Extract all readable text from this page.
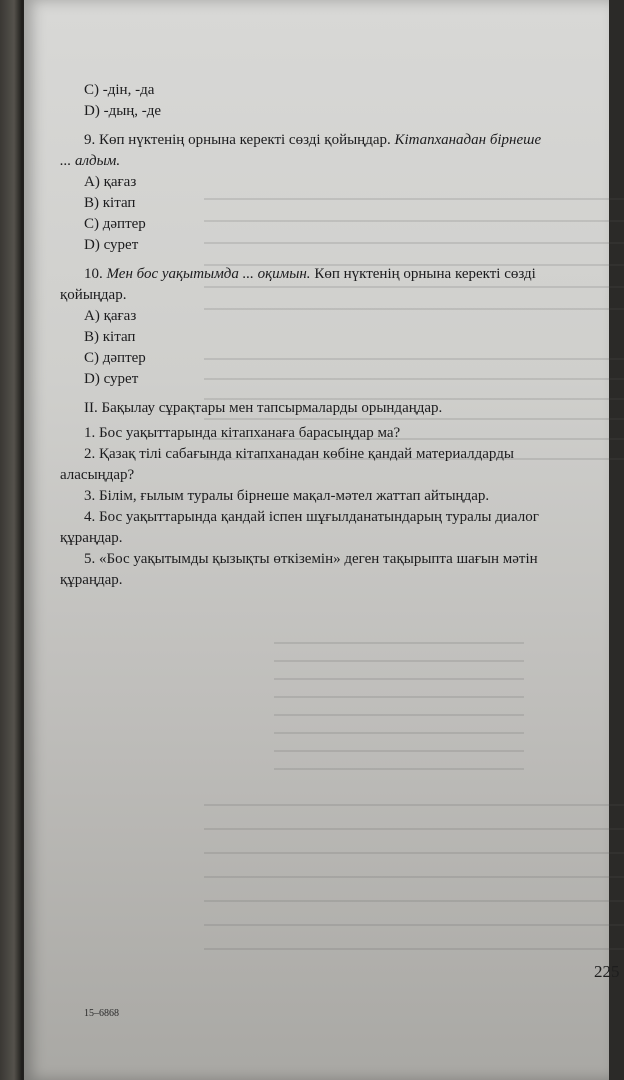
C) -дін, -да
D) -дың, -де
9. Көп нүктенің орнына керекті сөзді қойыңдар. Кітапханадан бірнеше
... алдым.
A) қағаз
B) кітап
C) дәптер
D) сурет
10. Мен бос уақытымда ... оқимын. Көп нүктенің орнына керекті сөзді
қойыңдар.
A) қағаз
B) кітап
C) дәптер
D) сурет
II. Бақылау сұрақтары мен тапсырмаларды орындаңдар.
1. Бос уақыттарында кітапханаға барасыңдар ма?
2. Қазақ тілі сабағында кітапханадан көбіне қандай материалдарды
аласыңдар?
3. Білім, ғылым туралы бірнеше мақал-мәтел жаттап айтыңдар.
4. Бос уақыттарында қандай іспен шұғылданатындарың туралы диалог
құраңдар.
5. «Бос уақытымды қызықты өткіземін» деген тақырыпта шағын мәтін
құраңдар.
15–6868
225
